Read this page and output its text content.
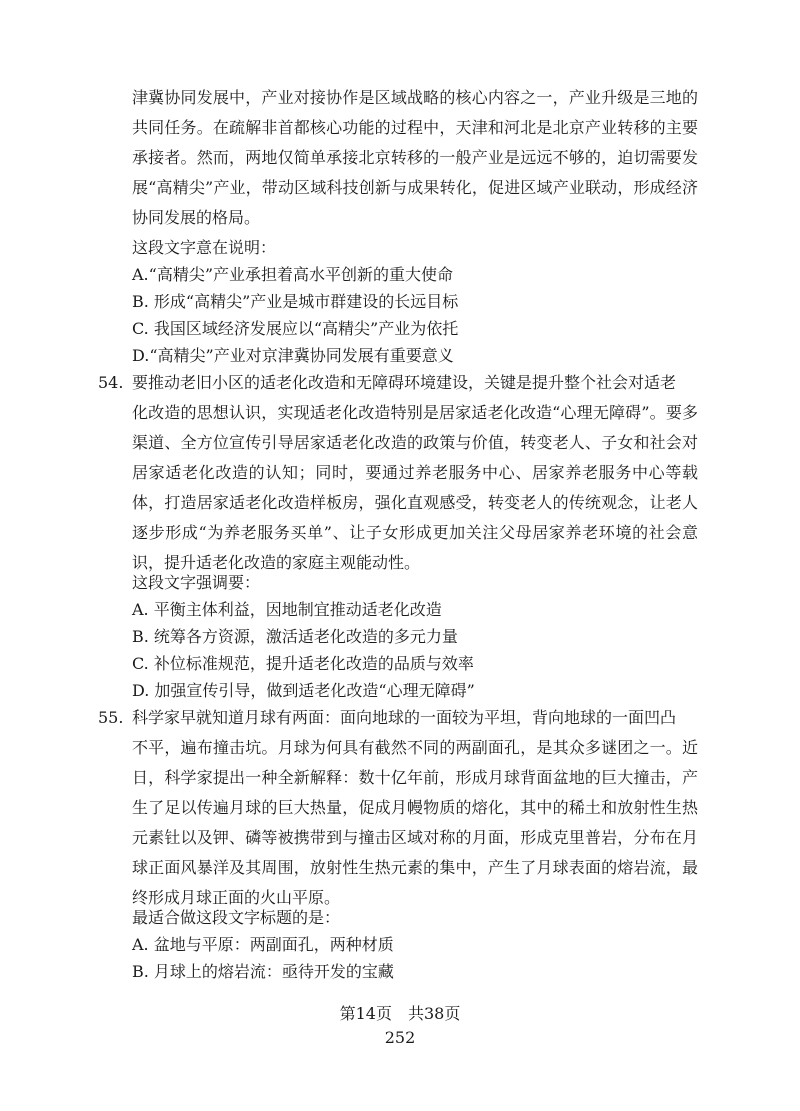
津冀协同发展中，产业对接协作是区域战略的核心内容之一，产业升级是三地的共同任务。在疏解非首都核心功能的过程中，天津和河北是北京产业转移的主要承接者。然而，两地仅简单承接北京转移的一般产业是远远不够的，迫切需要发展“高精尖”产业，带动区域科技创新与成果转化，促进区域产业联动，形成经济协同发展的格局。

这段文字意在说明：

A.“高精尖”产业承担着高水平创新的重大使命

B. 形成“高精尖”产业是城市群建设的长远目标

C. 我国区域经济发展应以“高精尖”产业为依托

D.“高精尖”产业对京津冀协同发展有重要意义

54. 要推动老旧小区的适老化改造和无障碍环境建设，关键是提升整个社会对适老

化改造的思想认识，实现适老化改造特别是居家适老化改造“心理无障碍”。要多渠道、全方位宣传引导居家适老化改造的政策与价值，转变老人、子女和社会对居家适老化改造的认知；同时，要通过养老服务中心、居家养老服务中心等载体，打造居家适老化改造样板房，强化直观感受，转变老人的传统观念，让老人逐步形成“为养老服务买单”、让子女形成更加关注父母居家养老环境的社会意识，提升适老化改造的家庭主观能动性。

这段文字强调要：

A. 平衡主体利益，因地制宜推动适老化改造

B. 统筹各方资源，激活适老化改造的多元力量

C. 补位标准规范，提升适老化改造的品质与效率

D. 加强宣传引导，做到适老化改造“心理无障碍”

55. 科学家早就知道月球有两面：面向地球的一面较为平坦，背向地球的一面凹凸

不平，遍布撞击坑。月球为何具有截然不同的两副面孔，是其众多谜团之一。近日，科学家提出一种全新解释：数十亿年前，形成月球背面盆地的巨大撞击，产生了足以传遍月球的巨大热量，促成月幔物质的熔化，其中的稀土和放射性生热元素钍以及钾、磷等被携带到与撞击区域对称的月面，形成克里普岩，分布在月球正面风暴洋及其周围，放射性生热元素的集中，产生了月球表面的熔岩流，最终形成月球正面的火山平原。

最适合做这段文字标题的是：

A. 盆地与平原：两副面孔，两种材质

B. 月球上的熔岩流：亟待开发的宝藏

第14页　共38页
252
